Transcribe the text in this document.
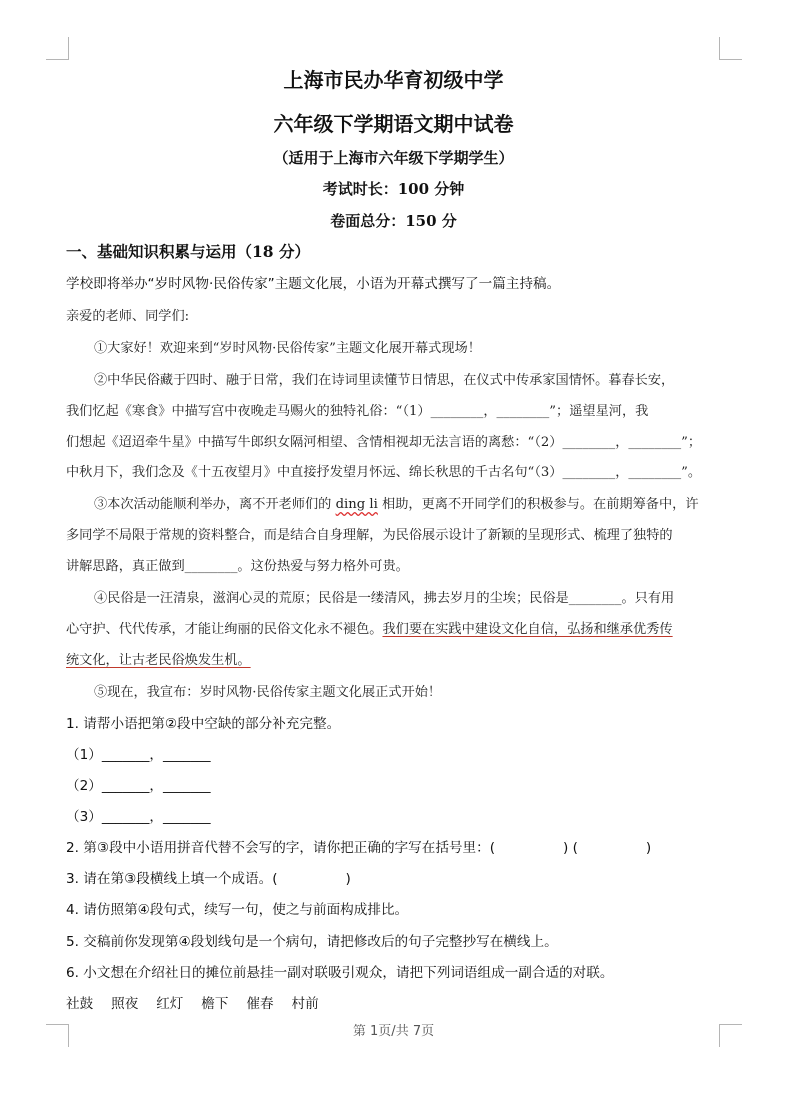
上海市民办华育初级中学
六年级下学期语文期中试卷
（适用于上海市六年级下学期学生）
考试时长：100 分钟
卷面总分：150 分
一、基础知识积累与运用（18 分）
学校即将举办“岁时风物·民俗传家”主题文化展，小语为开幕式撰写了一篇主持稿。
亲爱的老师、同学们:
①大家好！欢迎来到“岁时风物·民俗传家”主题文化展开幕式现场！
②中华民俗藏于四时、融于日常，我们在诗词里读懂节日情思，在仪式中传承家国情怀。暮春长安，
我们忆起《寒食》中描写宫中夜晚走马赐火的独特礼俗：“（1）________，________”；遥望星河，我
们想起《迢迢牵牛星》中描写牛郎织女隔河相望、含情相视却无法言语的离愁：“（2）________，________”；
中秋月下，我们念及《十五夜望月》中直接抒发望月怀远、绵长秋思的千古名句“（3）________，________”。
③本次活动能顺利举办，离不开老师们的 ding li 相助，更离不开同学们的积极参与。在前期筹备中，许
多同学不局限于常规的资料整合，而是结合自身理解，为民俗展示设计了新颖的呈现形式、梳理了独特的
讲解思路，真正做到________。这份热爱与努力格外可贵。
④民俗是一汪清泉，滋润心灵的荒原；民俗是一缕清风，拂去岁月的尘埃；民俗是________。只有用
心守护、代代传承，才能让绚丽的民俗文化永不褪色。我们要在实践中建设文化自信，弘扬和继承优秀传
统文化，让古老民俗焕发生机。
⑤现在，我宣布：岁时风物·民俗传家主题文化展正式开始！
1. 请帮小语把第②段中空缺的部分补充完整。
（1）_______，_______
（2）_______，_______
（3）_______，_______
2. 第③段中小语用拼音代替不会写的字，请你把正确的字写在括号里：(　　　　　) (　　　　　)
3. 请在第③段横线上填一个成语。(　　　　　)
4. 请仿照第④段句式，续写一句，使之与前面构成排比。
5. 交稿前你发现第④段划线句是一个病句，请把修改后的句子完整抄写在横线上。
6. 小文想在介绍社日的摊位前悬挂一副对联吸引观众，请把下列词语组成一副合适的对联。
社鼓　 照夜　 红灯　 檐下　 催春　 村前
第 1页/共 7页
